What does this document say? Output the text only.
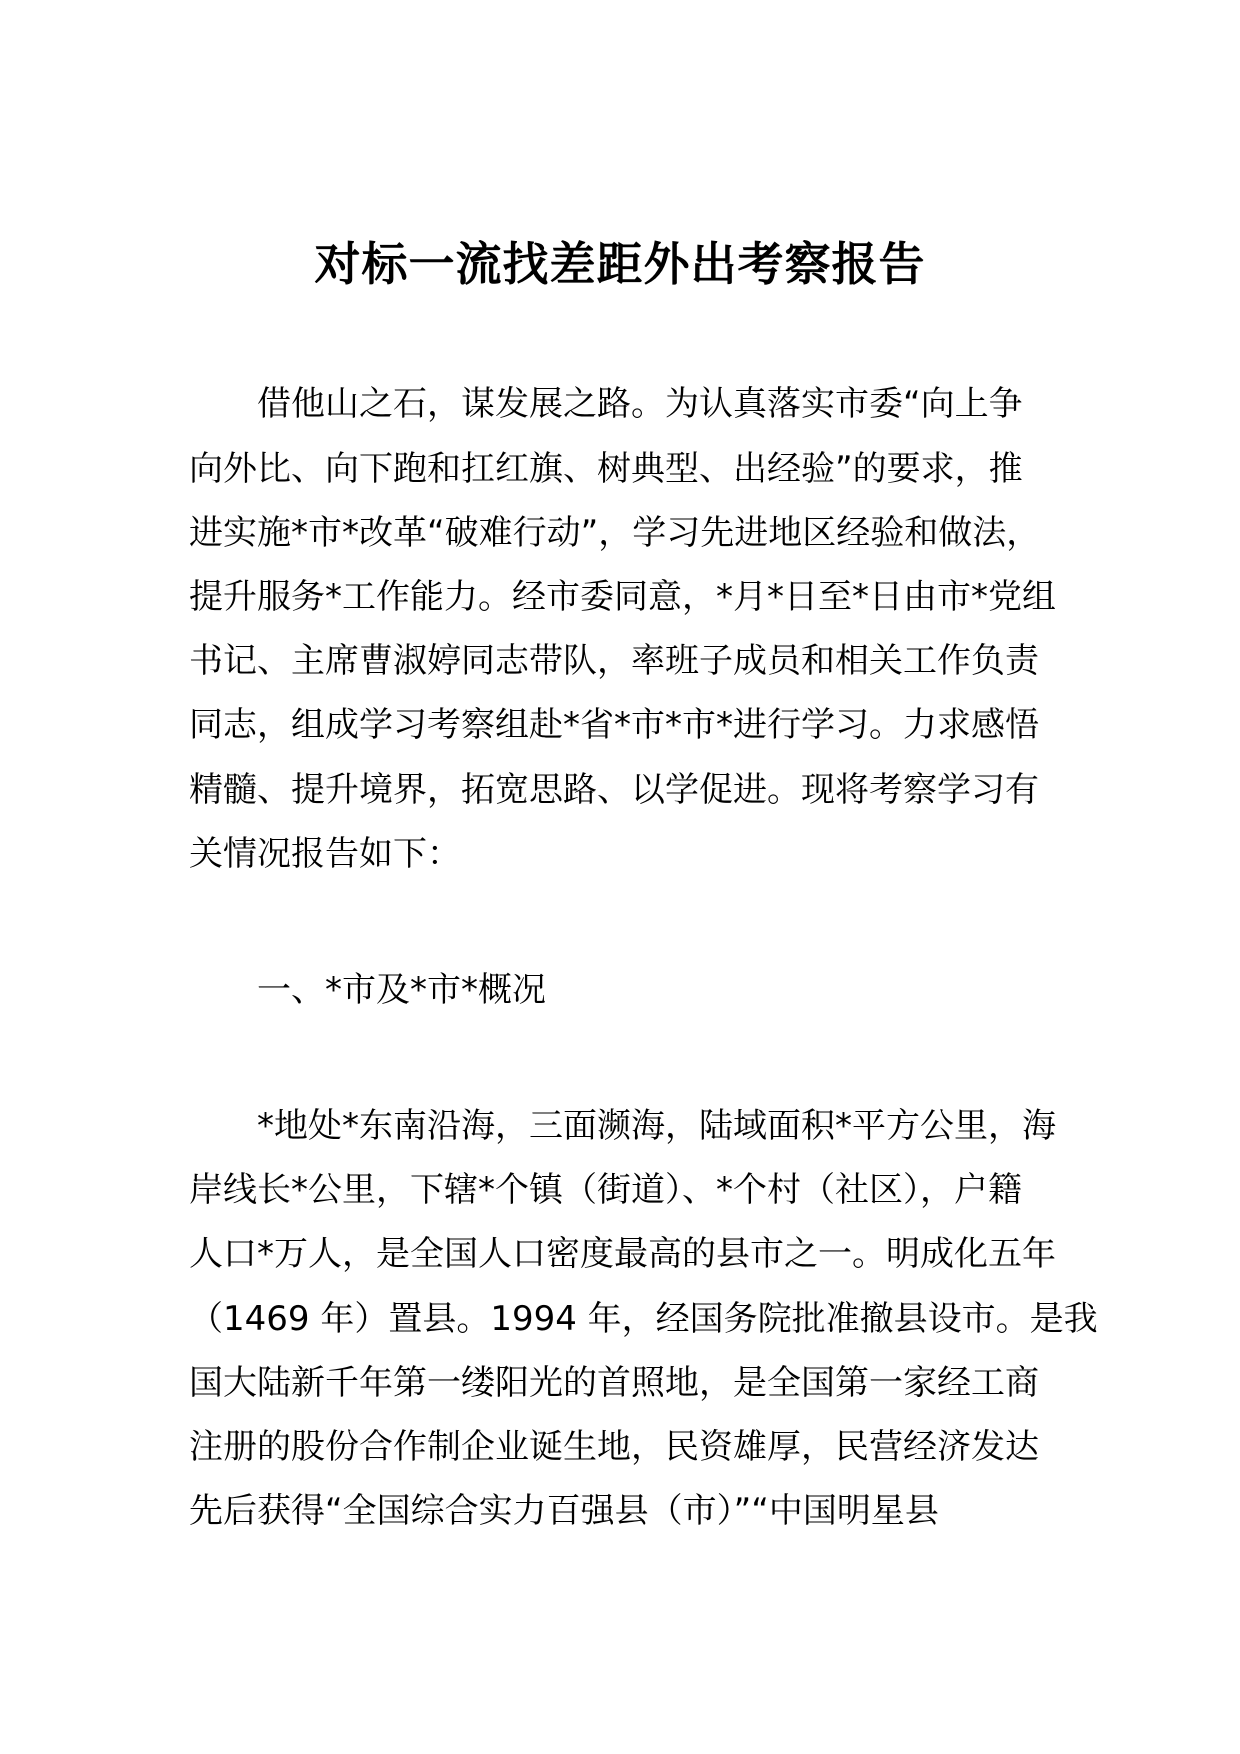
对标一流找差距外出考察报告

借他山之石，谋发展之路。为认真落实市委“向上争

向外比、向下跑和扛红旗、树典型、出经验”的要求，推

进实施*市*改革“破难行动”，学习先进地区经验和做法，

提升服务*工作能力。经市委同意，*月*日至*日由市*党组

书记、主席曹淑婷同志带队，率班子成员和相关工作负责

同志，组成学习考察组赴*省*市*市*进行学习。力求感悟

精髓、提升境界，拓宽思路、以学促进。现将考察学习有

关情况报告如下：

一、*市及*市*概况

*地处*东南沿海，三面濒海，陆域面积*平方公里，海

岸线长*公里，下辖*个镇（街道）、*个村（社区），户籍

人口*万人，是全国人口密度最高的县市之一。明成化五年

（1469 年）置县。1994 年，经国务院批准撤县设市。是我

国大陆新千年第一缕阳光的首照地，是全国第一家经工商

注册的股份合作制企业诞生地，民资雄厚，民营经济发达

先后获得“全国综合实力百强县（市）”“中国明星县
